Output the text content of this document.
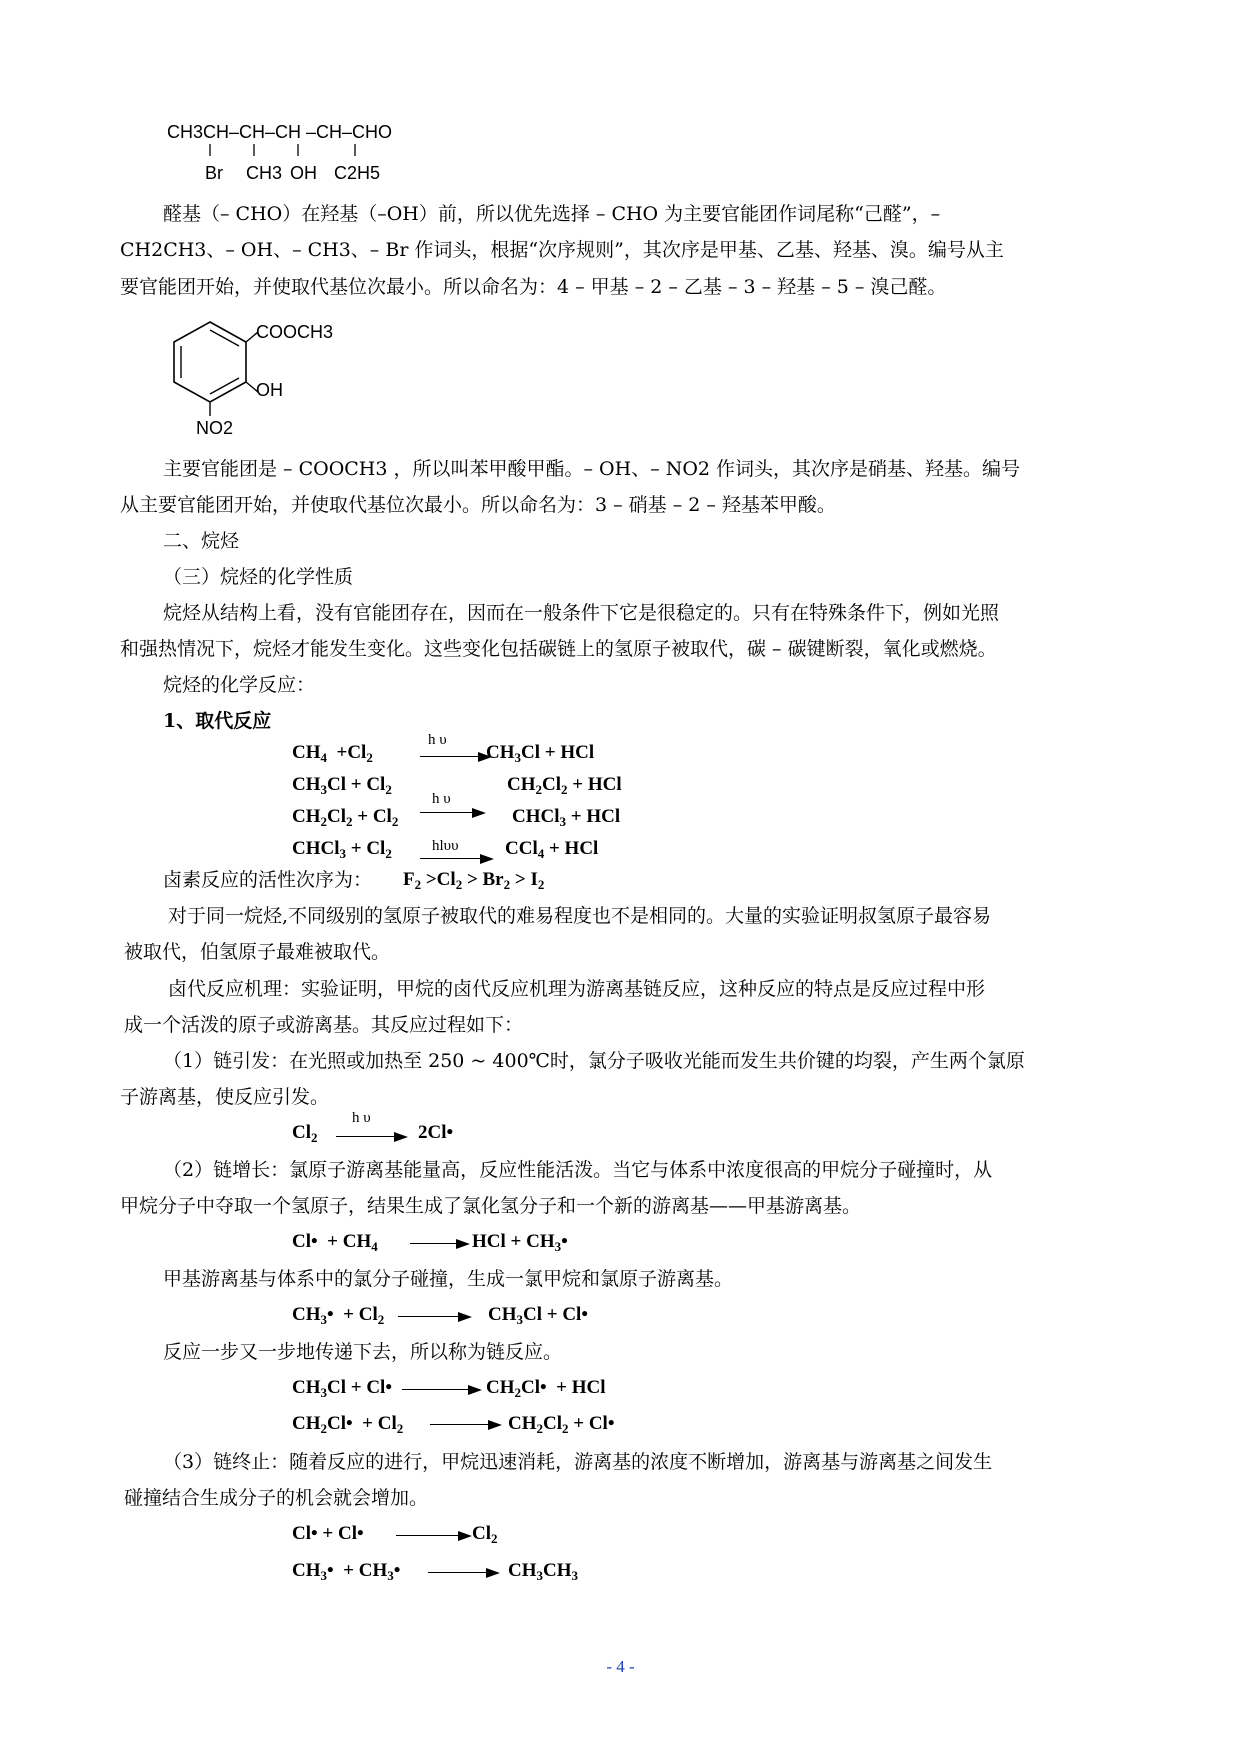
CH3CH–CH–CH –CH–CHO
Br CH3 OH C2H5
醛基（– CHO）在羟基（–OH）前，所以优先选择 – CHO 为主要官能团作词尾称“己醛”，–
CH2CH3、– OH、– CH3、– Br 作词头，根据“次序规则”，其次序是甲基、乙基、羟基、溴。编号从主
要官能团开始，并使取代基位次最小。所以命名为：4 – 甲基 – 2 – 乙基 – 3 – 羟基 – 5 – 溴己醛。
COOCH3
OH
NO2
主要官能团是 – COOCH3 ，所以叫苯甲酸甲酯。– OH、– NO2 作词头，其次序是硝基、羟基。编号
从主要官能团开始，并使取代基位次最小。所以命名为：3 – 硝基 – 2 – 羟基苯甲酸。
二、烷烃
（三）烷烃的化学性质
烷烃从结构上看，没有官能团存在，因而在一般条件下它是很稳定的。只有在特殊条件下，例如光照
和强热情况下，烷烃才能发生变化。这些变化包括碳链上的氢原子被取代，碳 – 碳键断裂，氧化或燃烧。
烷烃的化学反应：
1、取代反应
$CH_4 +Cl_2$
h υ
$CH_3Cl$ + HCl
$CH_3Cl + Cl_2$	$CH_2Cl_2$ + HCl
$CH_2Cl_2 + Cl_2$
h υ
CHCl$_3$ + HCl
CHCl$_3$ + $Cl_2$	hlυυ CCl$_4$ + HCl
卤素反应的活性次序为： $F_2 >Cl_2 > Br_2 > I_2$
对于同一烷烃,不同级别的氢原子被取代的难易程度也不是相同的。大量的实验证明叔氢原子最容易
被取代，伯氢原子最难被取代。
卤代反应机理：实验证明，甲烷的卤代反应机理为游离基链反应，这种反应的特点是反应过程中形
成一个活泼的原子或游离基。其反应过程如下：
（1）链引发：在光照或加热至 250 ~ 400℃时，氯分子吸收光能而发生共价键的均裂，产生两个氯原
子游离基，使反应引发。
$Cl_2$
h υ
2Cl•
（2）链增长：氯原子游离基能量高，反应性能活泼。当它与体系中浓度很高的甲烷分子碰撞时，从
甲烷分子中夺取一个氢原子，结果生成了氯化氢分子和一个新的游离基——甲基游离基。
Cl•  + $CH_4$	HCl + $CH_3•$
甲基游离基与体系中的氯分子碰撞，生成一氯甲烷和氯原子游离基。
$CH_3• + Cl_2$	$CH_3Cl$ + Cl•
反应一步又一步地传递下去，所以称为链反应。
$CH_3Cl$ + Cl•	$CH_2Cl•$  + HCl
$CH_2Cl• + Cl_2$	$CH_2Cl_2$ + Cl•
（3）链终止：随着反应的进行，甲烷迅速消耗，游离基的浓度不断增加，游离基与游离基之间发生
碰撞结合生成分子的机会就会增加。
Cl• + Cl•	$Cl_2$
$CH_3•$  + $CH_3•$	$CH_3CH_3$
- 4 -
